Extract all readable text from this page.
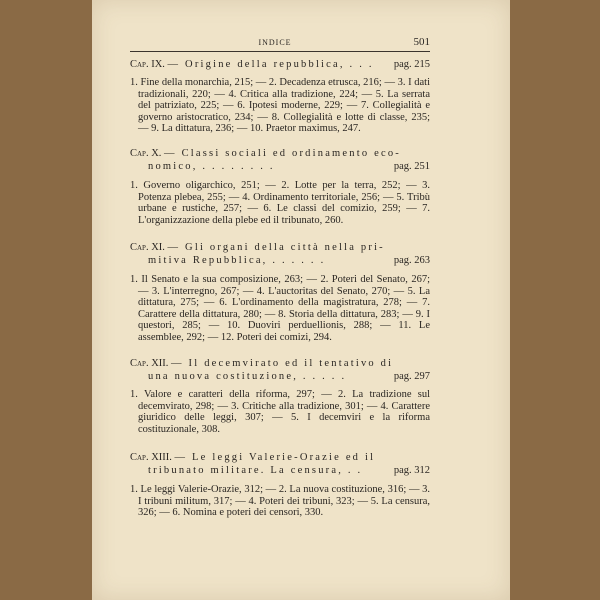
INDICE	501
Cap. IX. — Origine della repubblica, . . .	pag. 215

1. Fine della monarchia, 215; — 2. Decadenza etrusca, 216; — 3. I dati tradizionali, 220; — 4. Critica alla tradizione, 224; — 5. La serrata del patriziato, 225; — 6. Ipotesi moderne, 229; — 7. Collegialità e governo aristocratico, 234; — 8. Collegialità e lotte di classe, 235; — 9. La dittatura, 236; — 10. Praetor maximus, 247.

Cap. X. — Classi sociali ed ordinamento eco-
nomico, . . . . . . . .	pag. 251

1. Governo oligarchico, 251; — 2. Lotte per la terra, 252; — 3. Potenza plebea, 255; — 4. Ordinamento territoriale, 256; — 5. Tribù urbane e rustiche, 257; — 6. Le classi del comizio, 259; — 7. L'organizzazione della plebe ed il tribunato, 260.

Cap. XI. — Gli organi della città nella pri-
mitiva Repubblica, . . . . . .	pag. 263

1. Il Senato e la sua composizione, 263; — 2. Poteri del Senato, 267; — 3. L'interregno, 267; — 4. L'auctoritas del Senato, 270; — 5. La dittatura, 275; — 6. L'ordinamento della magistratura, 278; — 7. Carattere della dittatura, 280; — 8. Storia della dittatura, 283; — 9. I questori, 285; — 10. Duoviri perduellionis, 288; — 11. Le assemblee, 292; — 12. Poteri dei comizi, 294.

Cap. XII. — Il decemvirato ed il tentativo di
una nuova costituzione, . . . . .	pag. 297

1. Valore e caratteri della riforma, 297; — 2. La tradizione sul decemvirato, 298; — 3. Critiche alla tradizione, 301; — 4. Carattere giuridico delle leggi, 307; — 5. I decemviri e la riforma costituzionale, 308.

Cap. XIII. — Le leggi Valerie-Orazie ed il
tribunato militare. La censura, . .	pag. 312

1. Le leggi Valerie-Orazie, 312; — 2. La nuova costituzione, 316; — 3. I tribuni militum, 317; — 4. Poteri dei tribuni, 323; — 5. La censura, 326; — 6. Nomina e poteri dei censori, 330.
